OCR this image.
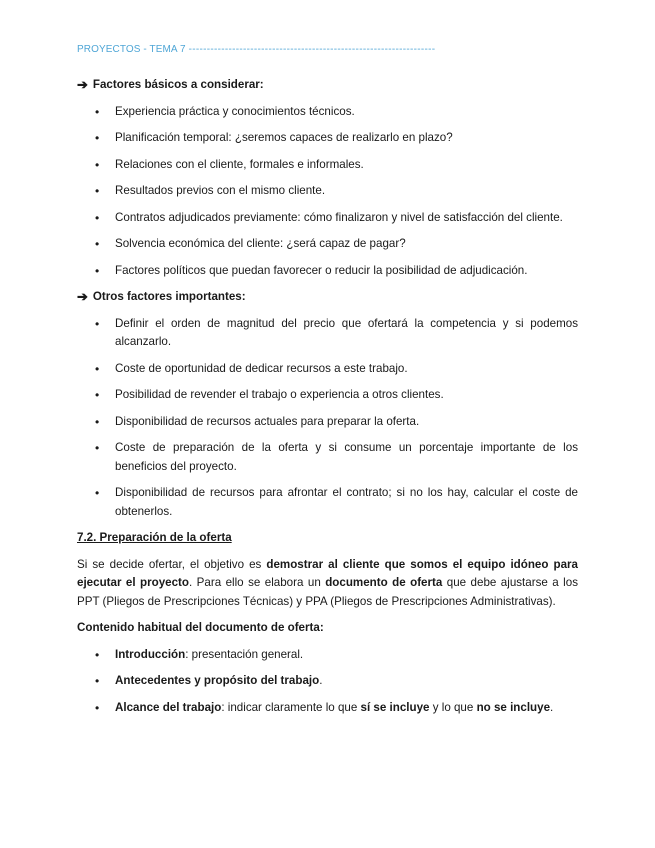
PROYECTOS - TEMA 7 --------------------------------------------------------------------
➔ Factores básicos a considerar:
• Experiencia práctica y conocimientos técnicos.
• Planificación temporal: ¿seremos capaces de realizarlo en plazo?
• Relaciones con el cliente, formales e informales.
• Resultados previos con el mismo cliente.
• Contratos adjudicados previamente: cómo finalizaron y nivel de satisfacción del cliente.
• Solvencia económica del cliente: ¿será capaz de pagar?
• Factores políticos que puedan favorecer o reducir la posibilidad de adjudicación.
➔ Otros factores importantes:
• Definir el orden de magnitud del precio que ofertará la competencia y si podemos alcanzarlo.
• Coste de oportunidad de dedicar recursos a este trabajo.
• Posibilidad de revender el trabajo o experiencia a otros clientes.
• Disponibilidad de recursos actuales para preparar la oferta.
• Coste de preparación de la oferta y si consume un porcentaje importante de los beneficios del proyecto.
• Disponibilidad de recursos para afrontar el contrato; si no los hay, calcular el coste de obtenerlos.
7.2. Preparación de la oferta

Si se decide ofertar, el objetivo es demostrar al cliente que somos el equipo idóneo para ejecutar el proyecto. Para ello se elabora un documento de oferta que debe ajustarse a los PPT (Pliegos de Prescripciones Técnicas) y PPA (Pliegos de Prescripciones Administrativas).

Contenido habitual del documento de oferta:

• Introducción: presentación general.
• Antecedentes y propósito del trabajo.
• Alcance del trabajo: indicar claramente lo que sí se incluye y lo que no se incluye.
